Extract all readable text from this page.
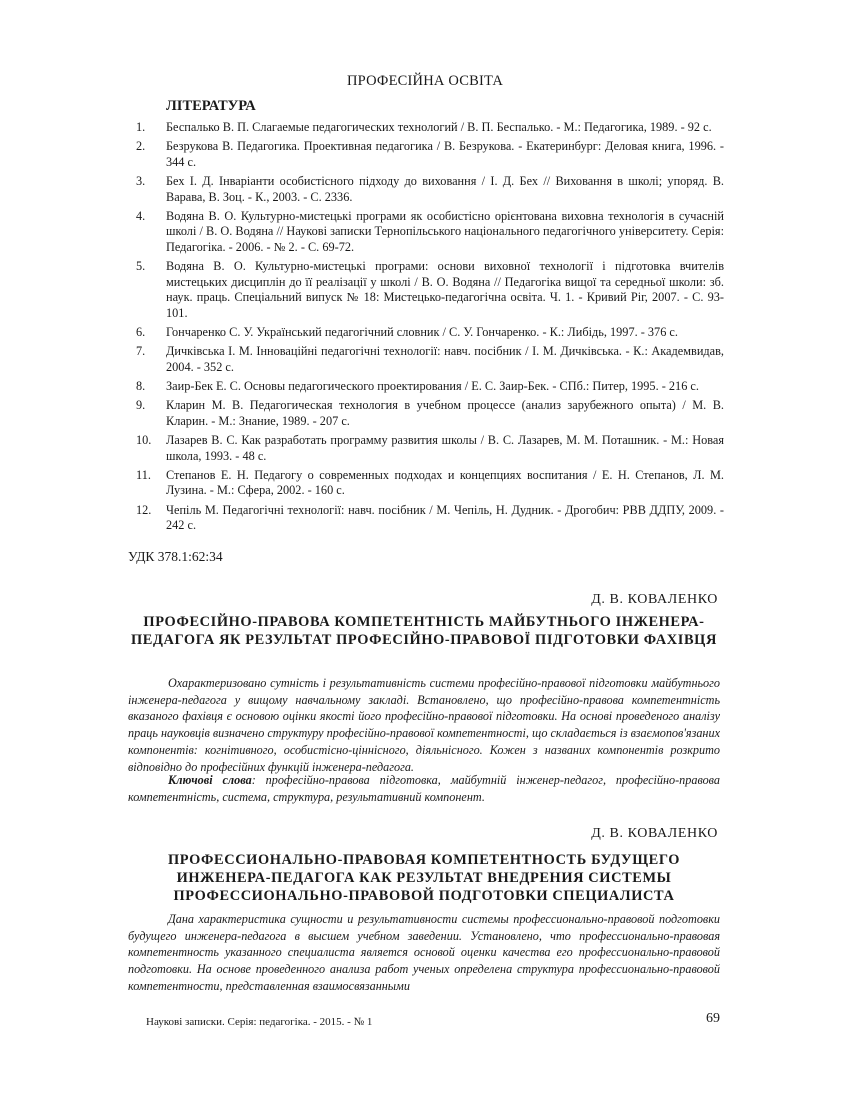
ПРОФЕСІЙНА ОСВІТА
ЛІТЕРАТУРА
1.	Беспалько В. П. Слагаемые педагогических технологий / В. П. Беспалько. - М.: Педагогика, 1989. - 92 с.
2.	Безрукова В. Педагогика. Проективная педагогика / В. Безрукова. - Екатеринбург: Деловая книга, 1996. - 344 с.
3.	Бех І. Д. Інваріанти особистісного підходу до виховання / І. Д. Бех // Виховання в школі; упоряд. В. Варава, В. Зоц. - К., 2003. - С. 2336.
4.	Водяна В. О. Культурно-мистецькі програми як особистісно орієнтована виховна технологія в сучасній школі / В. О. Водяна // Наукові записки Тернопільського національного педагогічного університету. Серія: Педагогіка. - 2006. - № 2. - С. 69-72.
5.	Водяна В. О. Культурно-мистецькі програми: основи виховної технології і підготовка вчителів мистецьких дисциплін до її реалізації у школі / В. О. Водяна // Педагогіка вищої та середньої школи: зб. наук. праць. Спеціальний випуск № 18: Мистецько-педагогічна освіта. Ч. 1. - Кривий Ріг, 2007. - С. 93-101.
6.	Гончаренко С. У. Український педагогічний словник / С. У. Гончаренко. - К.: Либідь, 1997. - 376 с.
7.	Дичківська І. М. Інноваційні педагогічні технології: навч. посібник / І. М. Дичківська. - К.: Академвидав, 2004. - 352 с.
8.	Заир-Бек Е. С. Основы педагогического проектирования / Е. С. Заир-Бек. - СПб.: Питер, 1995. - 216 с.
9.	Кларин М. В. Педагогическая технология в учебном процессе (анализ зарубежного опыта) / М. В. Кларин. - М.: Знание, 1989. - 207 с.
10.	Лазарев В. С. Как разработать программу развития школы / В. С. Лазарев, М. М. Поташник. - М.: Новая школа, 1993. - 48 с.
11.	Степанов Е. Н. Педагогу о современных подходах и концепциях воспитания / Е. Н. Степанов, Л. М. Лузина. - М.: Сфера, 2002. - 160 с.
12.	Чепіль М. Педагогічні технології: навч. посібник / М. Чепіль, Н. Дудник. - Дрогобич: РВВ ДДПУ, 2009. - 242 с.
УДК 378.1:62:34
Д. В. КОВАЛЕНКО
ПРОФЕСІЙНО-ПРАВОВА КОМПЕТЕНТНІСТЬ МАЙБУТНЬОГО ІНЖЕНЕРА-ПЕДАГОГА ЯК РЕЗУЛЬТАТ ПРОФЕСІЙНО-ПРАВОВОЇ ПІДГОТОВКИ ФАХІВЦЯ

Охарактеризовано сутність і результативність системи професійно-правової підготовки майбутнього інженера-педагога у вищому навчальному закладі. Встановлено, що професійно-правова компетентність вказаного фахівця є основою оцінки якості його професійно-правової підготовки. На основі проведеного аналізу праць науковців визначено структуру професійно-правової компетентності, що складається із взаємопов'язаних компонентів: когнітивного, особистісно-ціннісного, діяльнісного. Кожен з названих компонентів розкрито відповідно до професійних функцій інженера-педагога.

Ключові слова: професійно-правова підготовка, майбутній інженер-педагог, професійно-правова компетентність, система, структура, результативний компонент.

Д. В. КОВАЛЕНКО
ПРОФЕССИОНАЛЬНО-ПРАВОВАЯ КОМПЕТЕНТНОСТЬ БУДУЩЕГО ИНЖЕНЕРА-ПЕДАГОГА КАК РЕЗУЛЬТАТ ВНЕДРЕНИЯ СИСТЕМЫ ПРОФЕССИОНАЛЬНО-ПРАВОВОЙ ПОДГОТОВКИ СПЕЦИАЛИСТА

Дана характеристика сущности и результативности системы профессионально-правовой подготовки будущего инженера-педагога в высшем учебном заведении. Установлено, что профессионально-правовая компетентность указанного специалиста является основой оценки качества его профессионально-правовой подготовки. На основе проведенного анализа работ ученых определена структура профессионально-правовой компетентности, представленная взаимосвязанными

Наукові записки. Серія: педагогіка. - 2015. - № 1	69
